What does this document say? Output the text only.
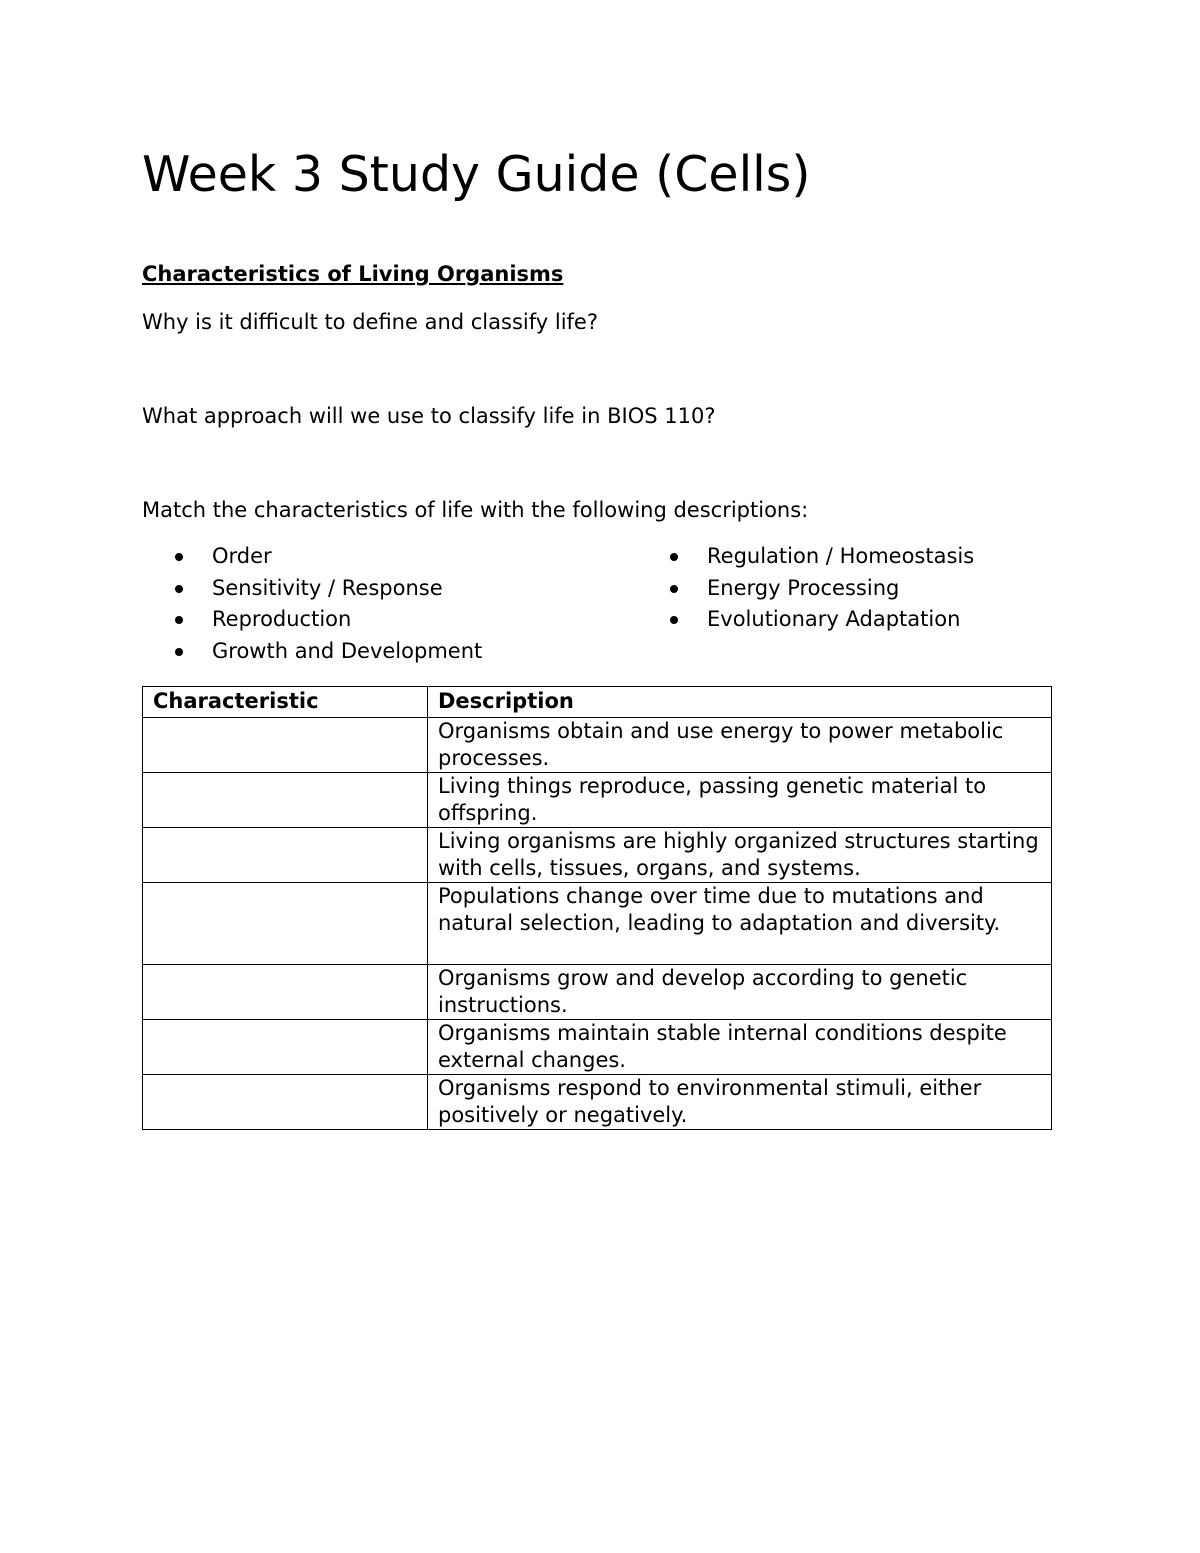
Week 3 Study Guide (Cells)
Characteristics of Living Organisms

Why is it difficult to define and classify life?

What approach will we use to classify life in BIOS 110?

Match the characteristics of life with the following descriptions:

Order
Sensitivity / Response
Reproduction
Growth and Development
Regulation / Homeostasis
Energy Processing
Evolutionary Adaptation
Characteristic	Description
	Organisms obtain and use energy to power metabolic processes.
	Living things reproduce, passing genetic material to offspring.
	Living organisms are highly organized structures starting with cells, tissues, organs, and systems.
	Populations change over time due to mutations and natural selection, leading to adaptation and diversity.
	Organisms grow and develop according to genetic instructions.
	Organisms maintain stable internal conditions despite external changes.
	Organisms respond to environmental stimuli, either positively or negatively.
